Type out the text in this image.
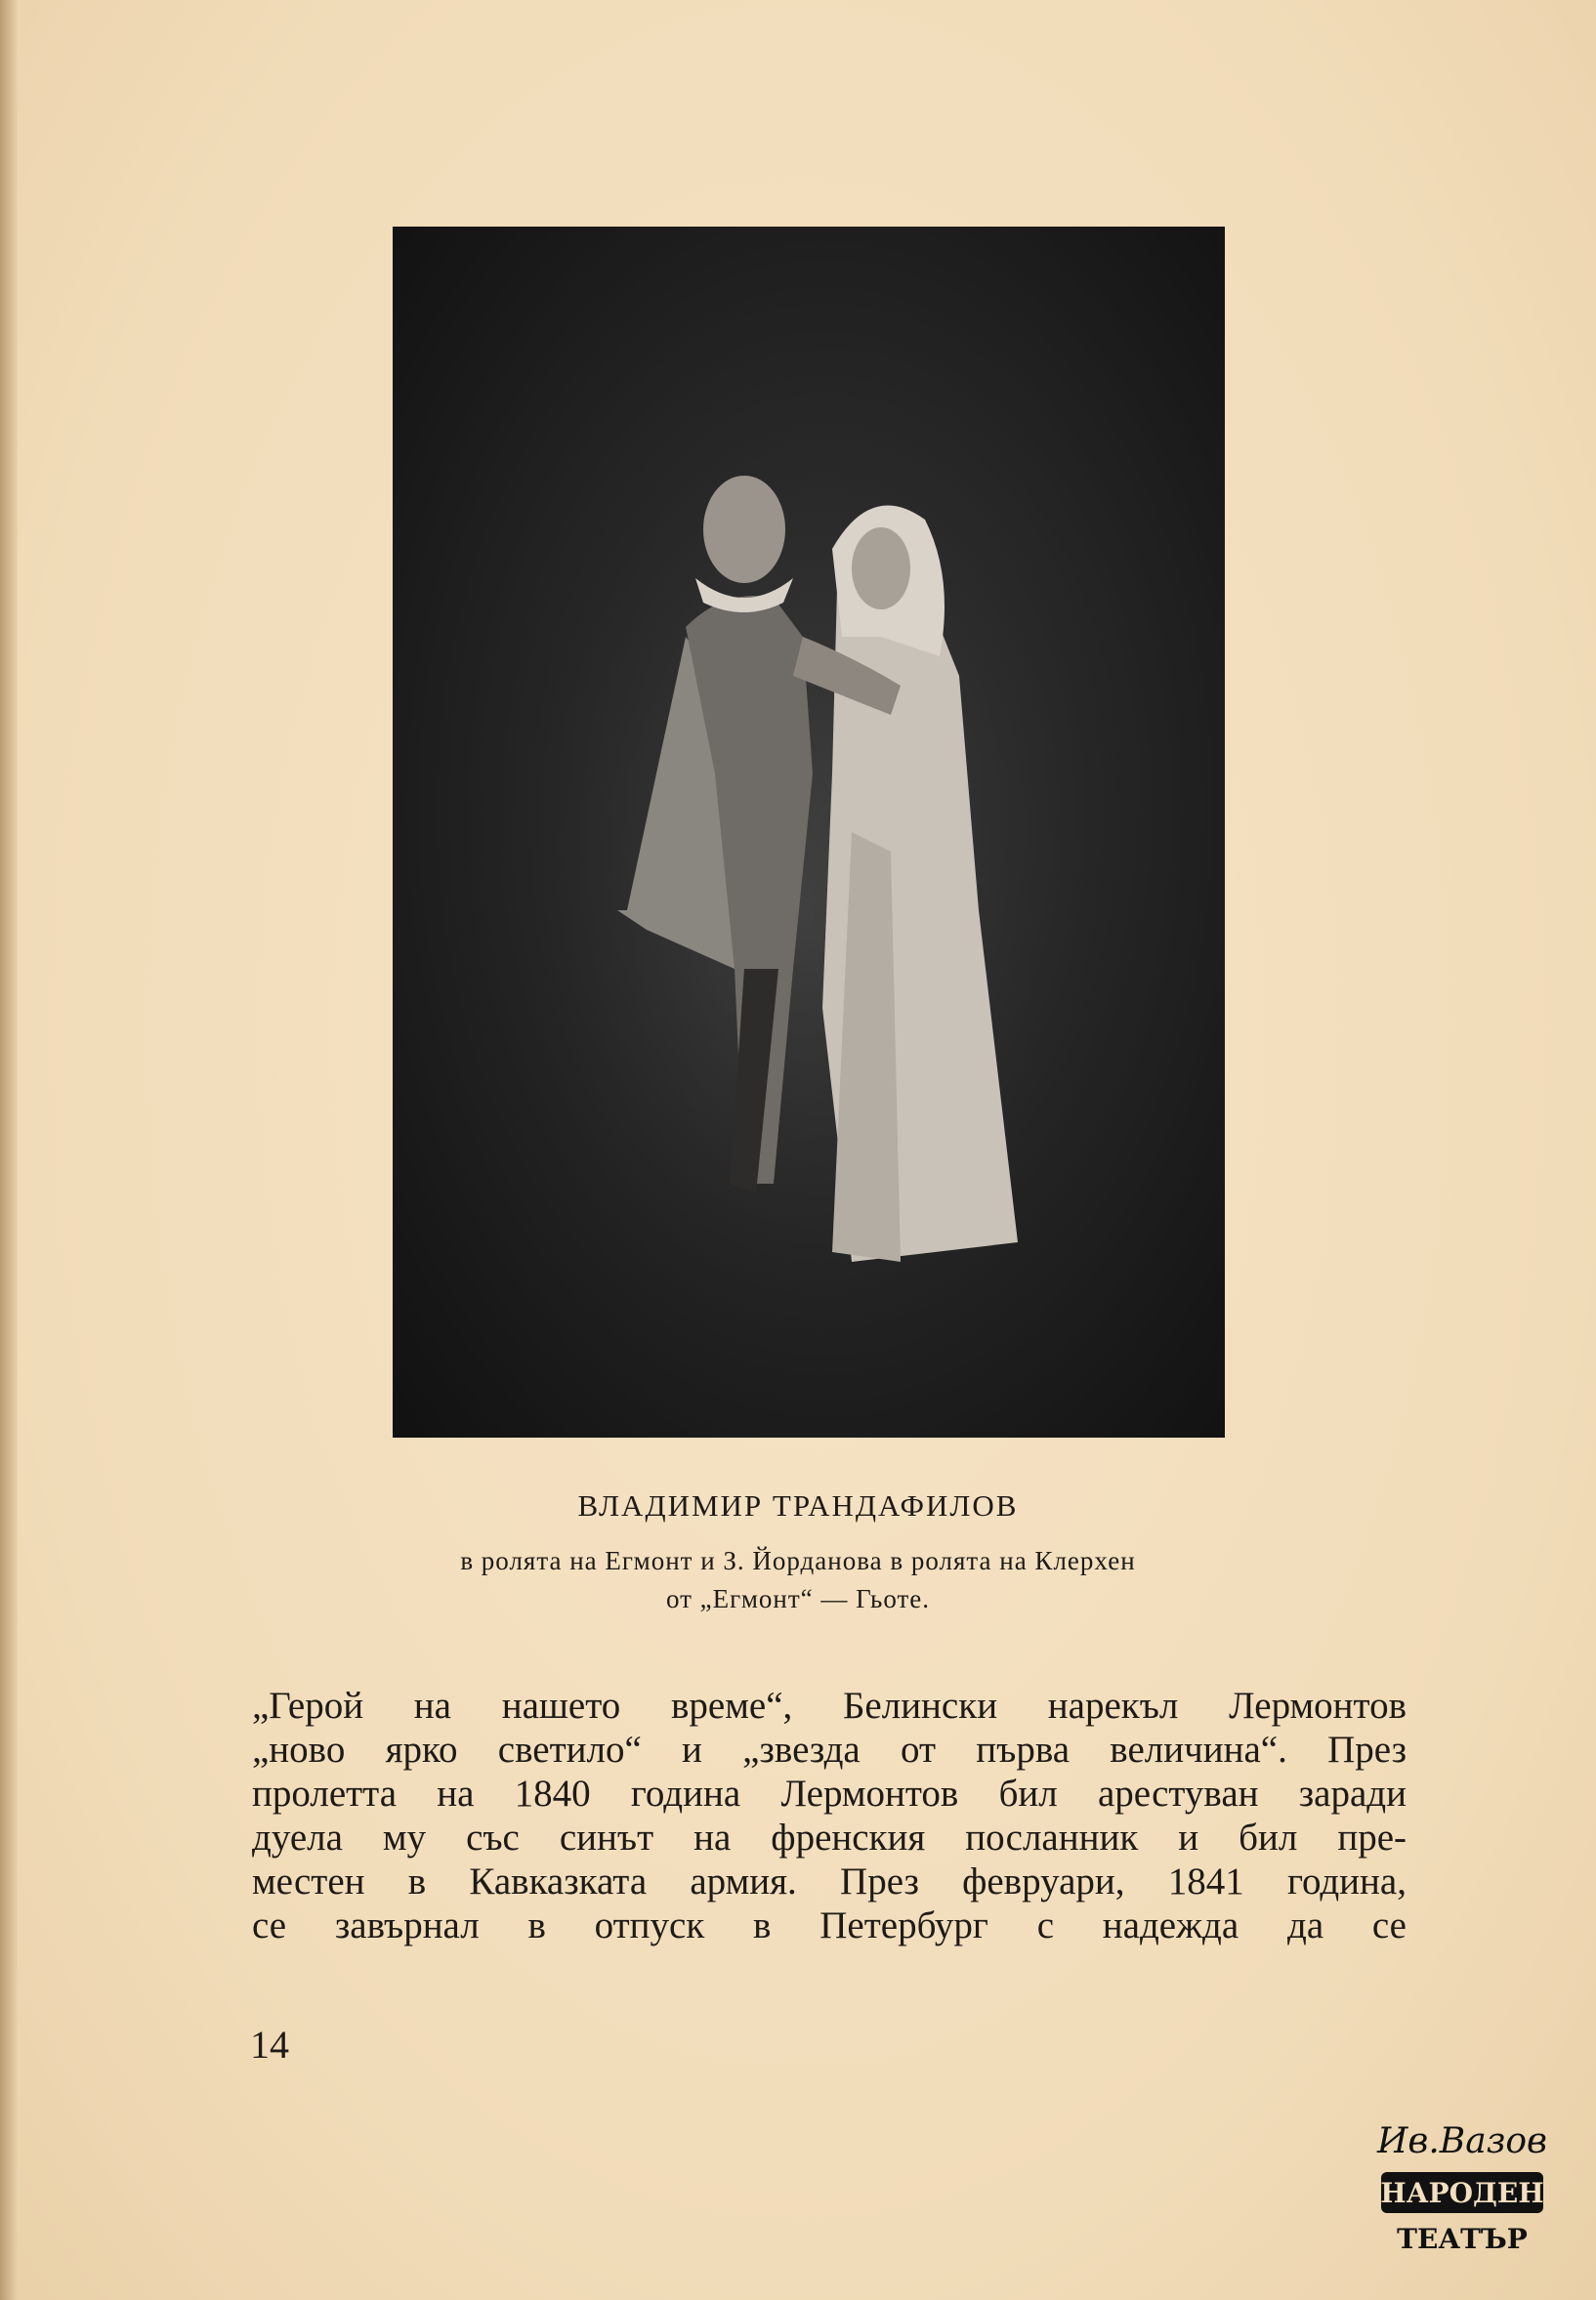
ВЛАДИМИР ТРАНДАФИЛОВ
в ролята на Егмонт и З. Йорданова в ролята на Клерхен
от „Егмонт“ — Гьоте.
„Герой на нашето време“, Белински нарекъл Лермонтов
„ново ярко светило“ и „звезда от първа величина“. През
пролетта на 1840 година Лермонтов бил арестуван заради
дуела му със синът на френския посланник и бил пре-
местен в Кавказката армия. През февруари, 1841 година,
се завърнал в отпуск в Петербург с надежда да се
14
Ив.Вазов
НАРОДЕН
ТЕАТЪР
